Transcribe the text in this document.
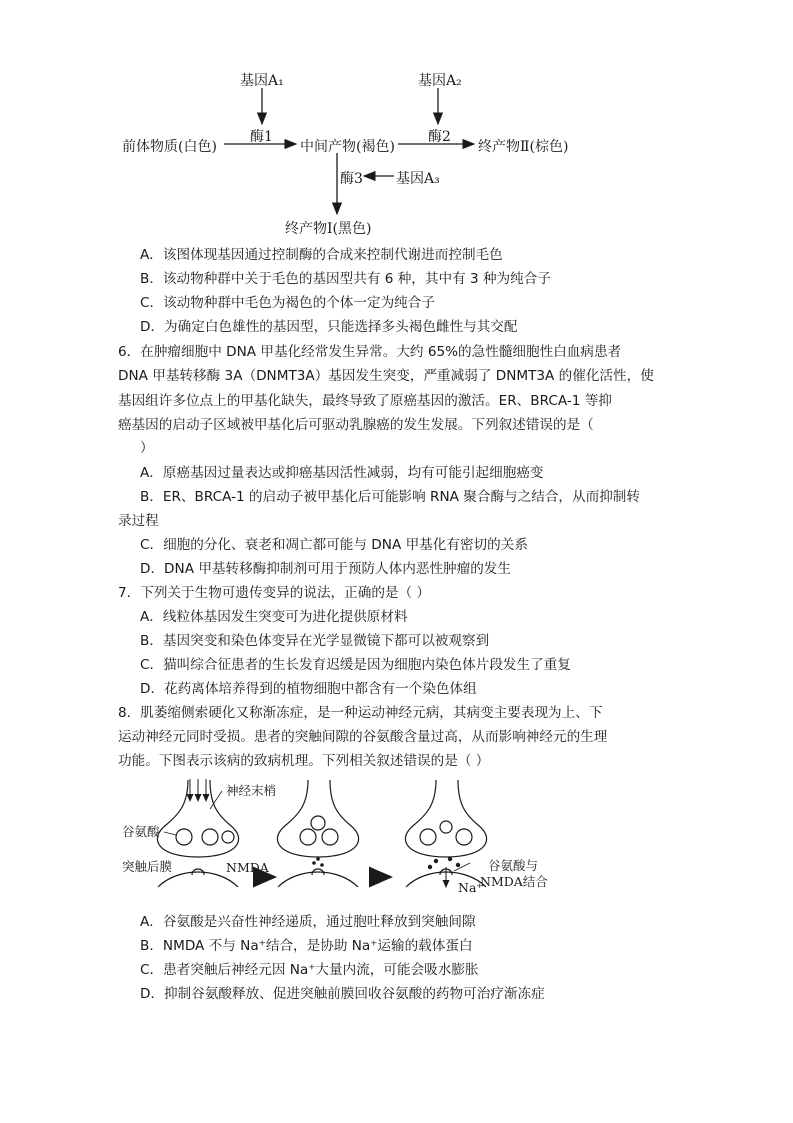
基因A₁	基因A₂
酶1	酶2
前体物质(白色)	中间产物(褐色)	终产物Ⅱ(棕色)
酶3 基因A₃
终产物Ⅰ(黑色)
A．该图体现基因通过控制酶的合成来控制代谢进而控制毛色
B．该动物种群中关于毛色的基因型共有 6 种，其中有 3 种为纯合子
C．该动物种群中毛色为褐色的个体一定为纯合子
D．为确定白色雄性的基因型，只能选择多头褐色雌性与其交配
6．在肿瘤细胞中 DNA 甲基化经常发生异常。大约 65%的急性髓细胞性白血病患者
DNA 甲基转移酶 3A（DNMT3A）基因发生突变，严重减弱了 DNMT3A 的催化活性，使
基因组许多位点上的甲基化缺失，最终导致了原癌基因的激活。ER、BRCA-1 等抑
癌基因的启动子区域被甲基化后可驱动乳腺癌的发生发展。下列叙述错误的是（
）
A．原癌基因过量表达或抑癌基因活性减弱，均有可能引起细胞癌变
B．ER、BRCA-1 的启动子被甲基化后可能影响 RNA 聚合酶与之结合，从而抑制转
录过程
C．细胞的分化、衰老和凋亡都可能与 DNA 甲基化有密切的关系
D．DNA 甲基转移酶抑制剂可用于预防人体内恶性肿瘤的发生
7．下列关于生物可遗传变异的说法，正确的是（ ）
A．线粒体基因发生突变可为进化提供原材料
B．基因突变和染色体变异在光学显微镜下都可以被观察到
C．猫叫综合征患者的生长发育迟缓是因为细胞内染色体片段发生了重复
D．花药离体培养得到的植物细胞中都含有一个染色体组
8．肌萎缩侧索硬化又称渐冻症，是一种运动神经元病，其病变主要表现为上、下
运动神经元同时受损。患者的突触间隙的谷氨酸含量过高，从而影响神经元的生理
功能。下图表示该病的致病机理。下列相关叙述错误的是（ ）
神经末梢
谷氨酸
突触后膜	NMDA	谷氨酸与
NMDA结合
Na⁺
A．谷氨酸是兴奋性神经递质，通过胞吐释放到突触间隙
B．NMDA 不与 Na⁺结合，是协助 Na⁺运输的载体蛋白
C．患者突触后神经元因 Na⁺大量内流，可能会吸水膨胀
D．抑制谷氨酸释放、促进突触前膜回收谷氨酸的药物可治疗渐冻症
